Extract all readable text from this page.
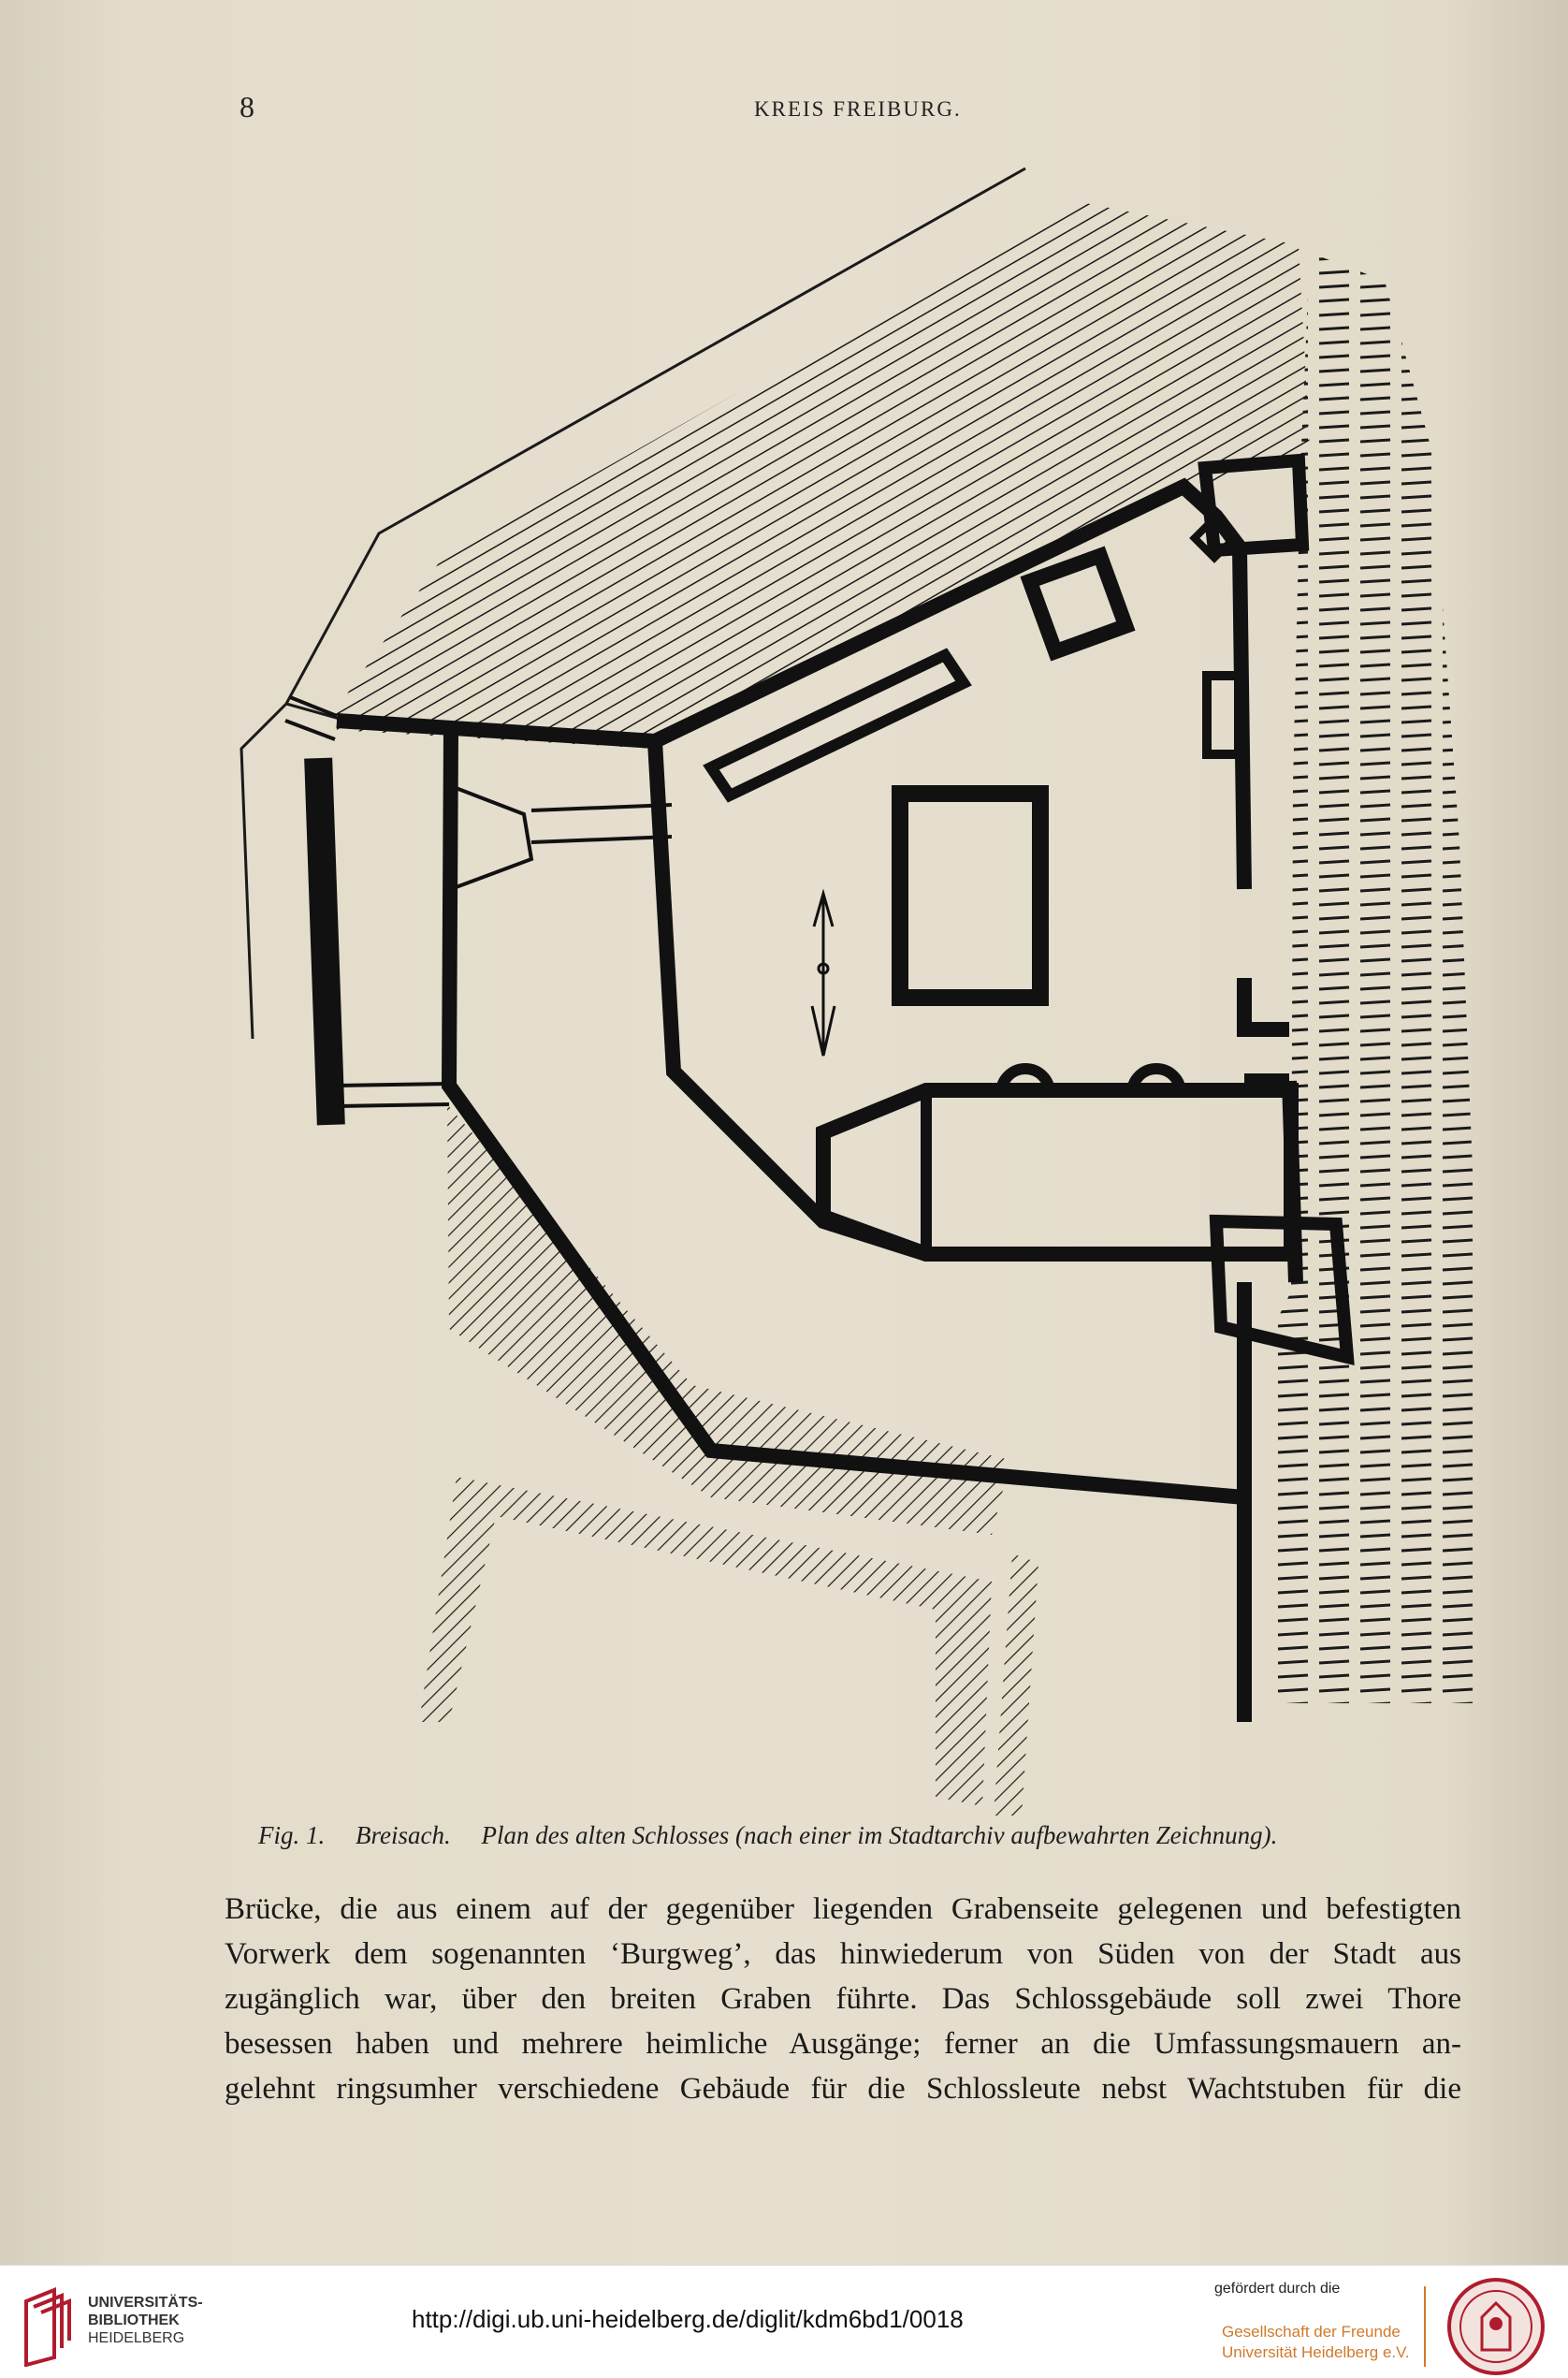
8	KREIS FREIBURG.
Fig. 1. Breisach. Plan des alten Schlosses (nach einer im Stadtarchiv aufbewahrten Zeichnung).
Brücke, die aus einem auf der gegenüber liegenden Grabenseite gelegenen und befestigten
Vorwerk dem sogenannten ‘Burgweg’, das hinwiederum von Süden von der Stadt aus
zugänglich war, über den breiten Graben führte. Das Schlossgebäude soll zwei Thore
besessen haben und mehrere heimliche Ausgänge; ferner an die Umfassungsmauern an-
gelehnt ringsumher verschiedene Gebäude für die Schlossleute nebst Wachtstuben für die
UNIVERSITÄTS-
BIBLIOTHEK
HEIDELBERG
http://digi.ub.uni-heidelberg.de/diglit/kdm6bd1/0018
gefördert durch die
Gesellschaft der Freunde
Universität Heidelberg e.V.
